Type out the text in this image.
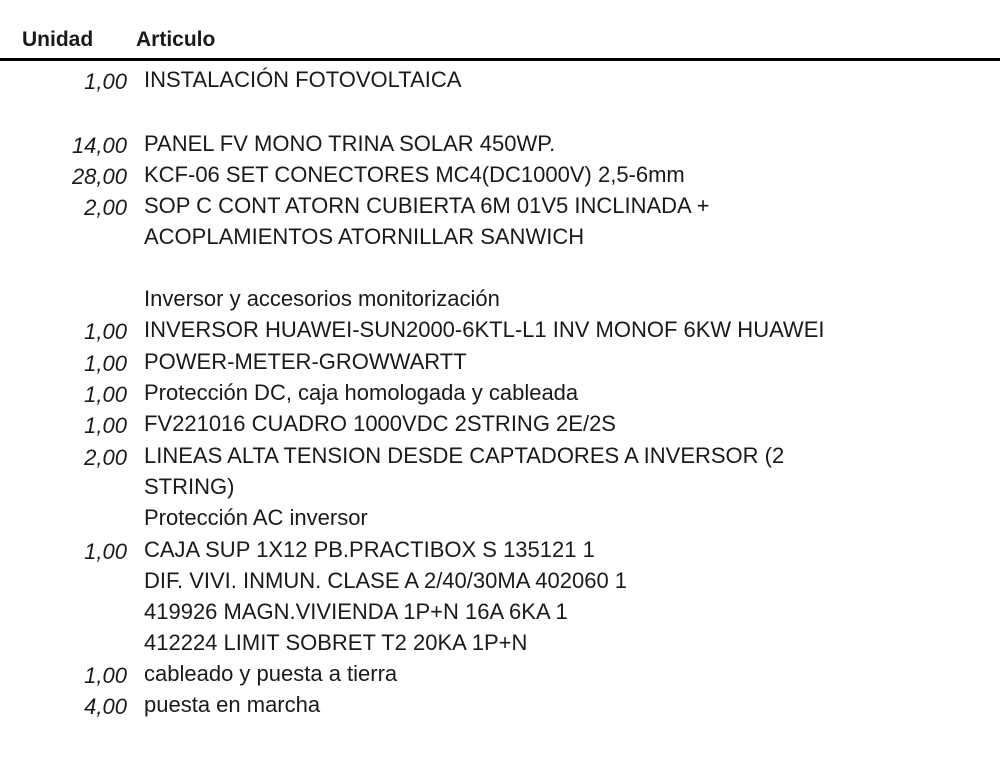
Unidad Articulo
1,00 INSTALACIÓN FOTOVOLTAICA
14,00 PANEL FV MONO TRINA SOLAR 450WP.
28,00 KCF-06 SET CONECTORES MC4(DC1000V) 2,5-6mm
2,00 SOP C CONT ATORN CUBIERTA 6M 01V5 INCLINADA +
ACOPLAMIENTOS ATORNILLAR SANWICH
Inversor y accesorios monitorización
1,00 INVERSOR HUAWEI-SUN2000-6KTL-L1 INV MONOF 6KW HUAWEI
1,00 POWER-METER-GROWWARTT
1,00 Protección DC, caja homologada y cableada
1,00 FV221016 CUADRO 1000VDC 2STRING 2E/2S
2,00 LINEAS ALTA TENSION DESDE CAPTADORES A INVERSOR (2
STRING)
Protección AC inversor
1,00 CAJA SUP 1X12 PB.PRACTIBOX S 135121 1
DIF. VIVI. INMUN. CLASE A 2/40/30MA 402060 1
419926 MAGN.VIVIENDA 1P+N 16A 6KA 1
412224 LIMIT SOBRET T2 20KA 1P+N
1,00 cableado y puesta a tierra
4,00 puesta en marcha
